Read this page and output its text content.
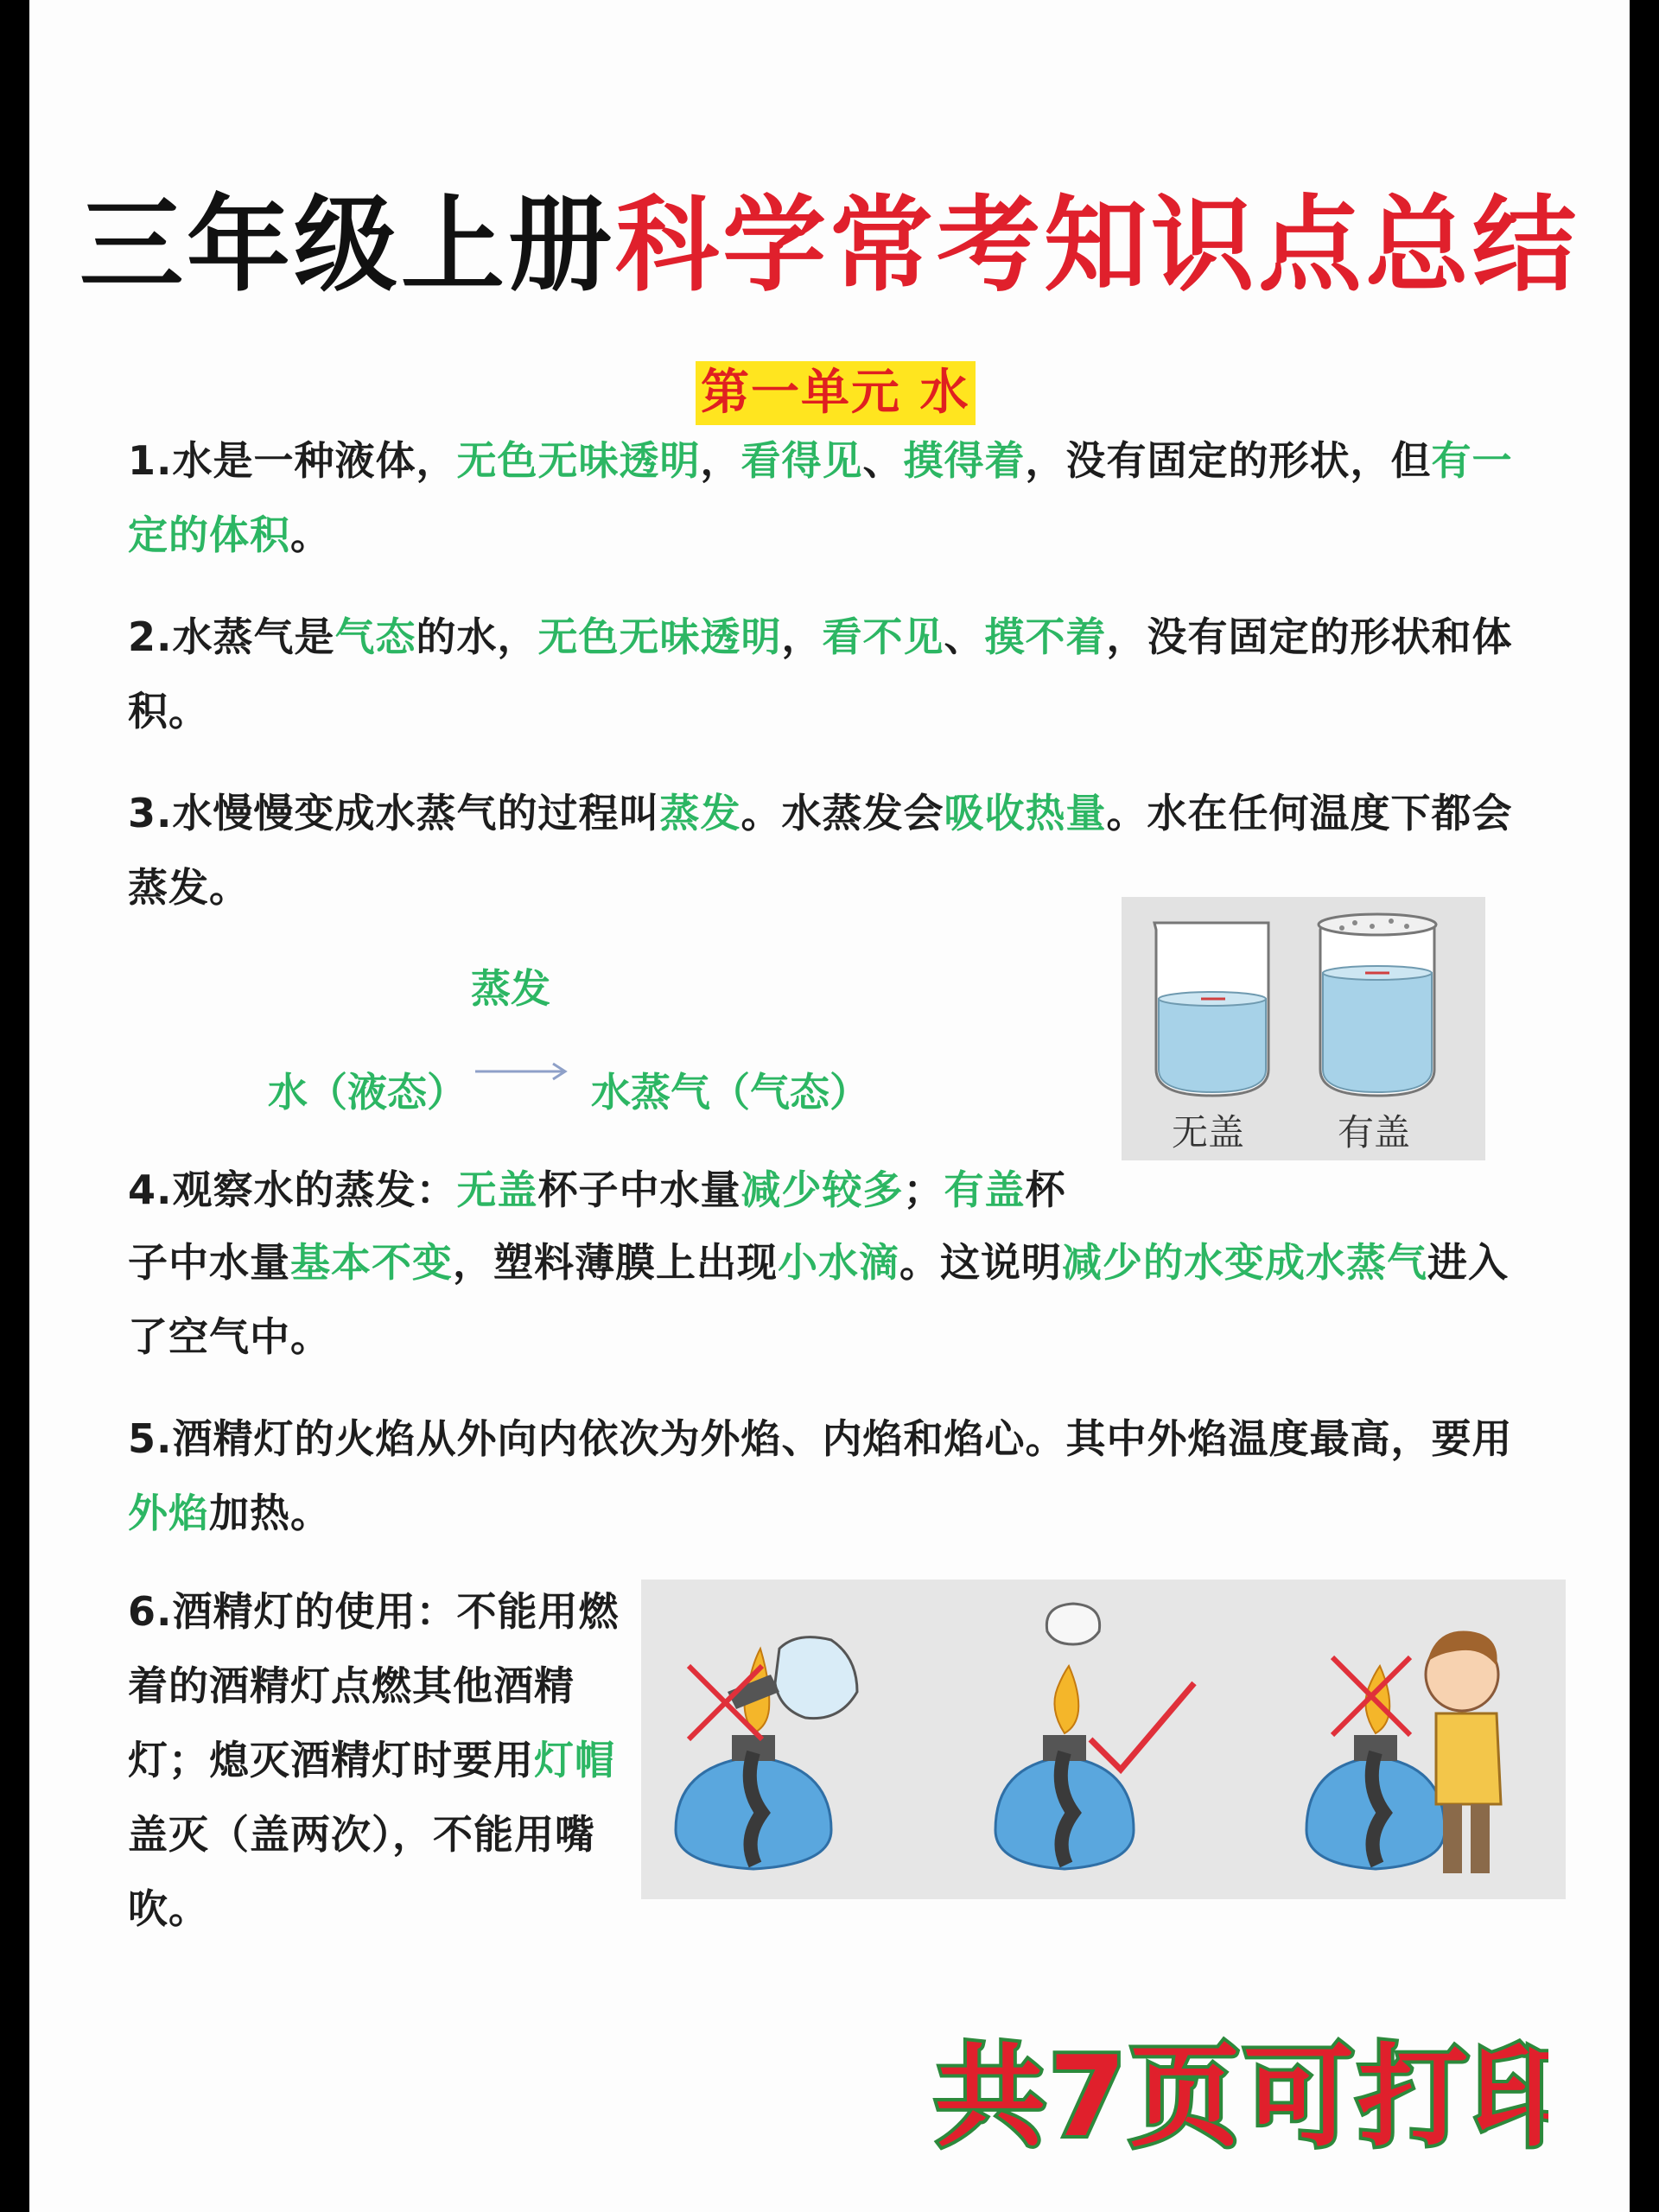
三年级上册科学常考知识点总结
第一单元 水
1.水是一种液体，无色无味透明，看得见、摸得着，没有固定的形状，但有一定的体积。
2.水蒸气是气态的水，无色无味透明，看不见、摸不着，没有固定的形状和体积。
3.水慢慢变成水蒸气的过程叫蒸发。水蒸发会吸收热量。水在任何温度下都会蒸发。
蒸发
水（液态）	水蒸气（气态）
无盖	有盖
4.观察水的蒸发：无盖杯子中水量减少较多；有盖杯
子中水量基本不变，塑料薄膜上出现小水滴。这说明减少的水变成水蒸气进入了空气中。
5.酒精灯的火焰从外向内依次为外焰、内焰和焰心。其中外焰温度最高，要用外焰加热。
6.酒精灯的使用：不能用燃着的酒精灯点燃其他酒精灯；熄灭酒精灯时要用灯帽盖灭（盖两次），不能用嘴吹。
共7页可打印
